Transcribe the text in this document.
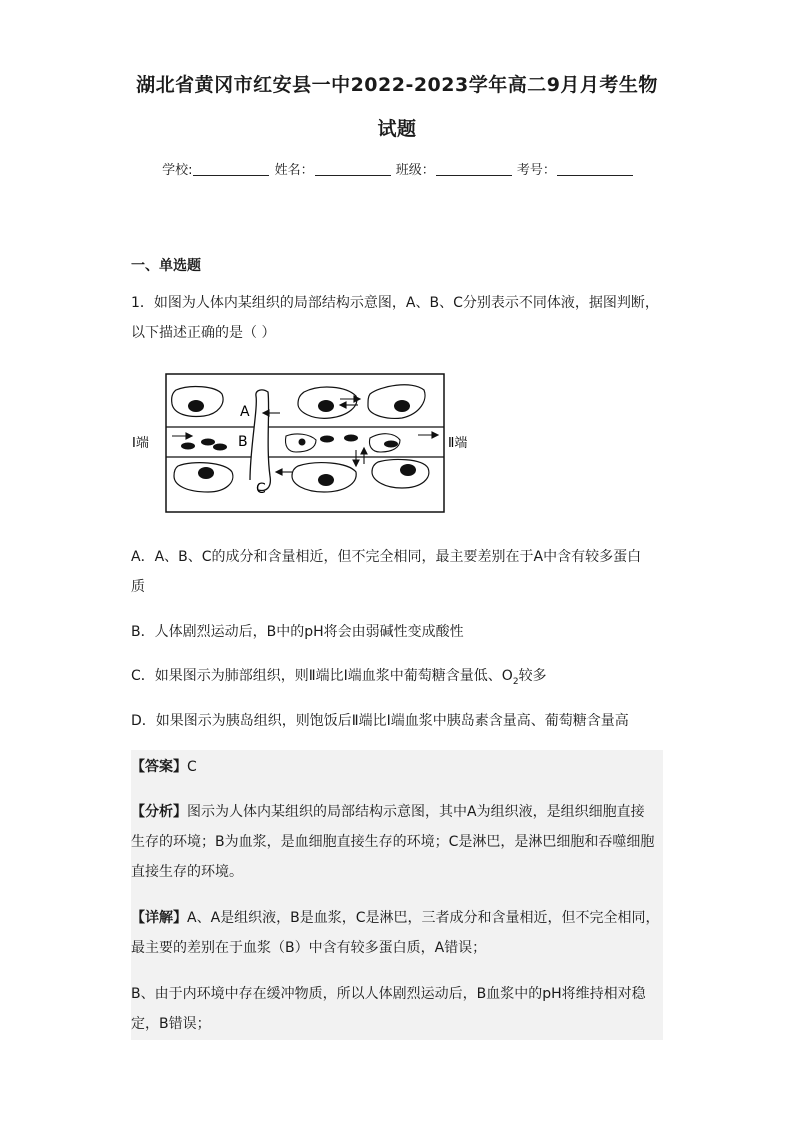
湖北省黄冈市红安县一中2022-2023学年高二9月月考生物
试题
学校:	姓名：	班级：	考号：
一、单选题
1．如图为人体内某组织的局部结构示意图，A、B、C分别表示不同体液，据图判断，
以下描述正确的是（ ）
A
B
C
Ⅰ端	Ⅱ端
A．A、B、C的成分和含量相近，但不完全相同，最主要差别在于A中含有较多蛋白
质
B．人体剧烈运动后，B中的pH将会由弱碱性变成酸性
C．如果图示为肺部组织，则Ⅱ端比Ⅰ端血浆中葡萄糖含量低、$O_2$较多
D．如果图示为胰岛组织，则饱饭后Ⅱ端比Ⅰ端血浆中胰岛素含量高、葡萄糖含量高
【答案】C
【分析】图示为人体内某组织的局部结构示意图，其中A为组织液，是组织细胞直接
生存的环境；B为血浆，是血细胞直接生存的环境；C是淋巴，是淋巴细胞和吞噬细胞
直接生存的环境。
【详解】A、A是组织液，B是血浆，C是淋巴，三者成分和含量相近，但不完全相同，
最主要的差别在于血浆（B）中含有较多蛋白质，A错误；
B、由于内环境中存在缓冲物质，所以人体剧烈运动后，B血浆中的pH将维持相对稳
定，B错误；
